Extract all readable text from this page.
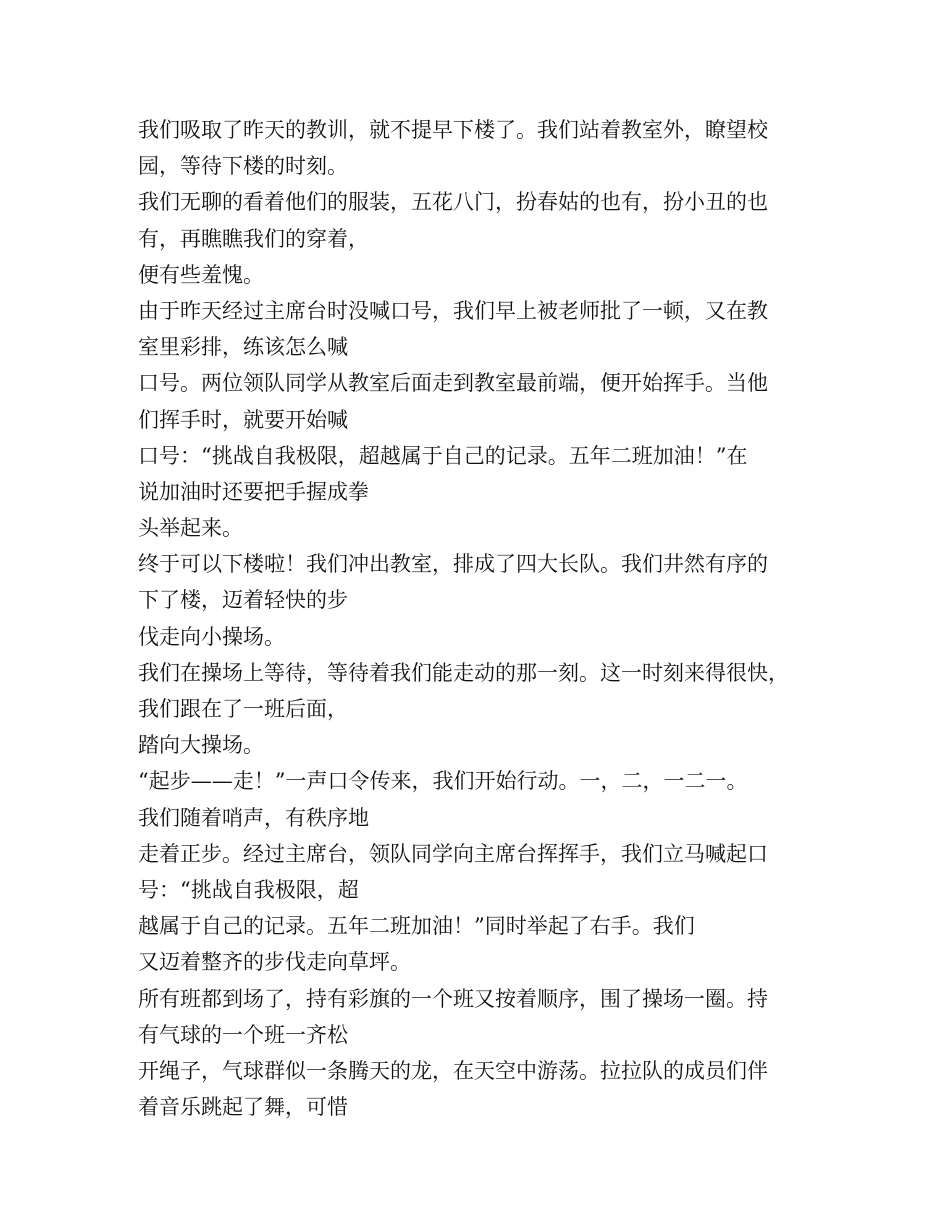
我们吸取了昨天的教训，就不提早下楼了。我们站着教室外，瞭望校
园，等待下楼的时刻。
我们无聊的看着他们的服装，五花八门，扮春姑的也有，扮小丑的也
有，再瞧瞧我们的穿着，
便有些羞愧。
由于昨天经过主席台时没喊口号，我们早上被老师批了一顿，又在教
室里彩排，练该怎么喊
口号。两位领队同学从教室后面走到教室最前端，便开始挥手。当他
们挥手时，就要开始喊
口号：“挑战自我极限，超越属于自己的记录。五年二班加油！”在
说加油时还要把手握成拳
头举起来。
终于可以下楼啦！我们冲出教室，排成了四大长队。我们井然有序的
下了楼，迈着轻快的步
伐走向小操场。
我们在操场上等待，等待着我们能走动的那一刻。这一时刻来得很快，
我们跟在了一班后面，
踏向大操场。
“起步——走！”一声口令传来，我们开始行动。一，二，一二一。
我们随着哨声，有秩序地
走着正步。经过主席台，领队同学向主席台挥挥手，我们立马喊起口
号：“挑战自我极限，超
越属于自己的记录。五年二班加油！”同时举起了右手。我们
又迈着整齐的步伐走向草坪。
所有班都到场了，持有彩旗的一个班又按着顺序，围了操场一圈。持
有气球的一个班一齐松
开绳子，气球群似一条腾天的龙，在天空中游荡。拉拉队的成员们伴
着音乐跳起了舞，可惜
